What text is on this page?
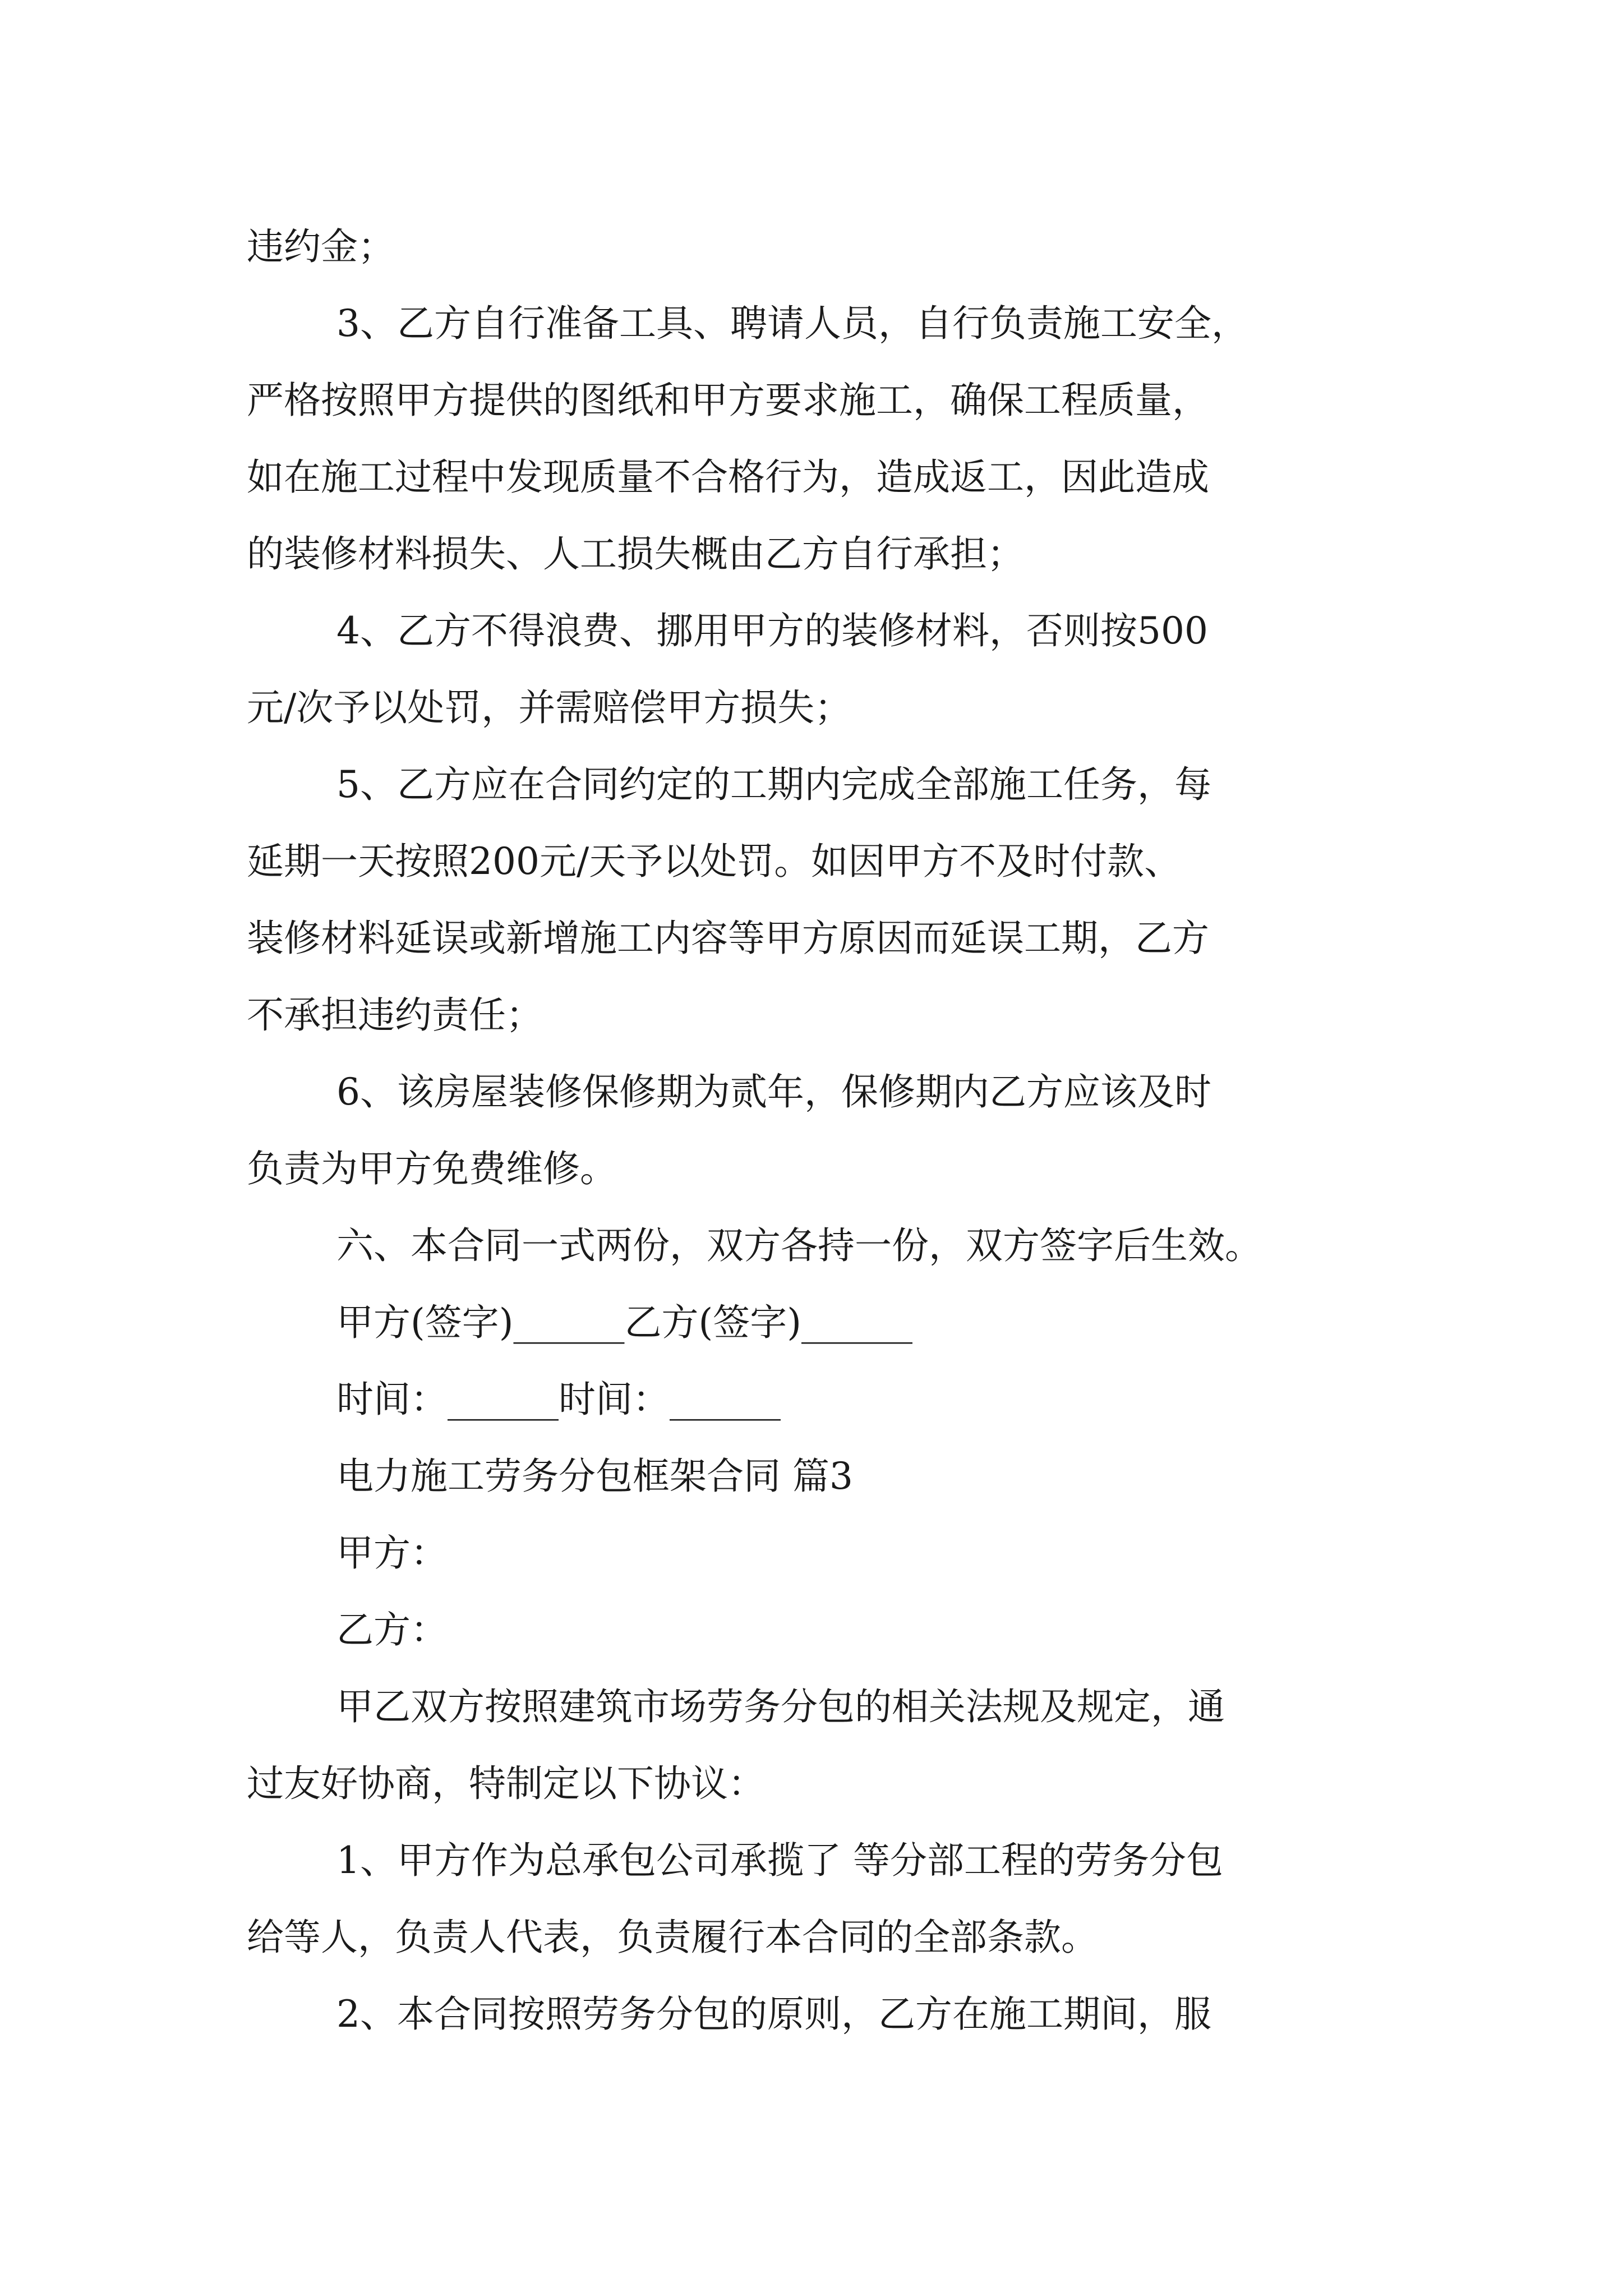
违约金；

3、乙方自行准备工具、聘请人员，自行负责施工安全，

严格按照甲方提供的图纸和甲方要求施工，确保工程质量，

如在施工过程中发现质量不合格行为，造成返工，因此造成

的装修材料损失、人工损失概由乙方自行承担；

4、乙方不得浪费、挪用甲方的装修材料，否则按500

元/次予以处罚，并需赔偿甲方损失；

5、乙方应在合同约定的工期内完成全部施工任务，每

延期一天按照200元/天予以处罚。如因甲方不及时付款、

装修材料延误或新增施工内容等甲方原因而延误工期，乙方

不承担违约责任；

6、该房屋装修保修期为贰年，保修期内乙方应该及时

负责为甲方免费维修。

六、本合同一式两份，双方各持一份，双方签字后生效。

甲方(签字)______乙方(签字)______

时间：______时间：______

电力施工劳务分包框架合同 篇3

甲方：

乙方：

甲乙双方按照建筑市场劳务分包的相关法规及规定，通

过友好协商，特制定以下协议：

1、甲方作为总承包公司承揽了 等分部工程的劳务分包

给等人，负责人代表，负责履行本合同的全部条款。

2、本合同按照劳务分包的原则，乙方在施工期间，服
